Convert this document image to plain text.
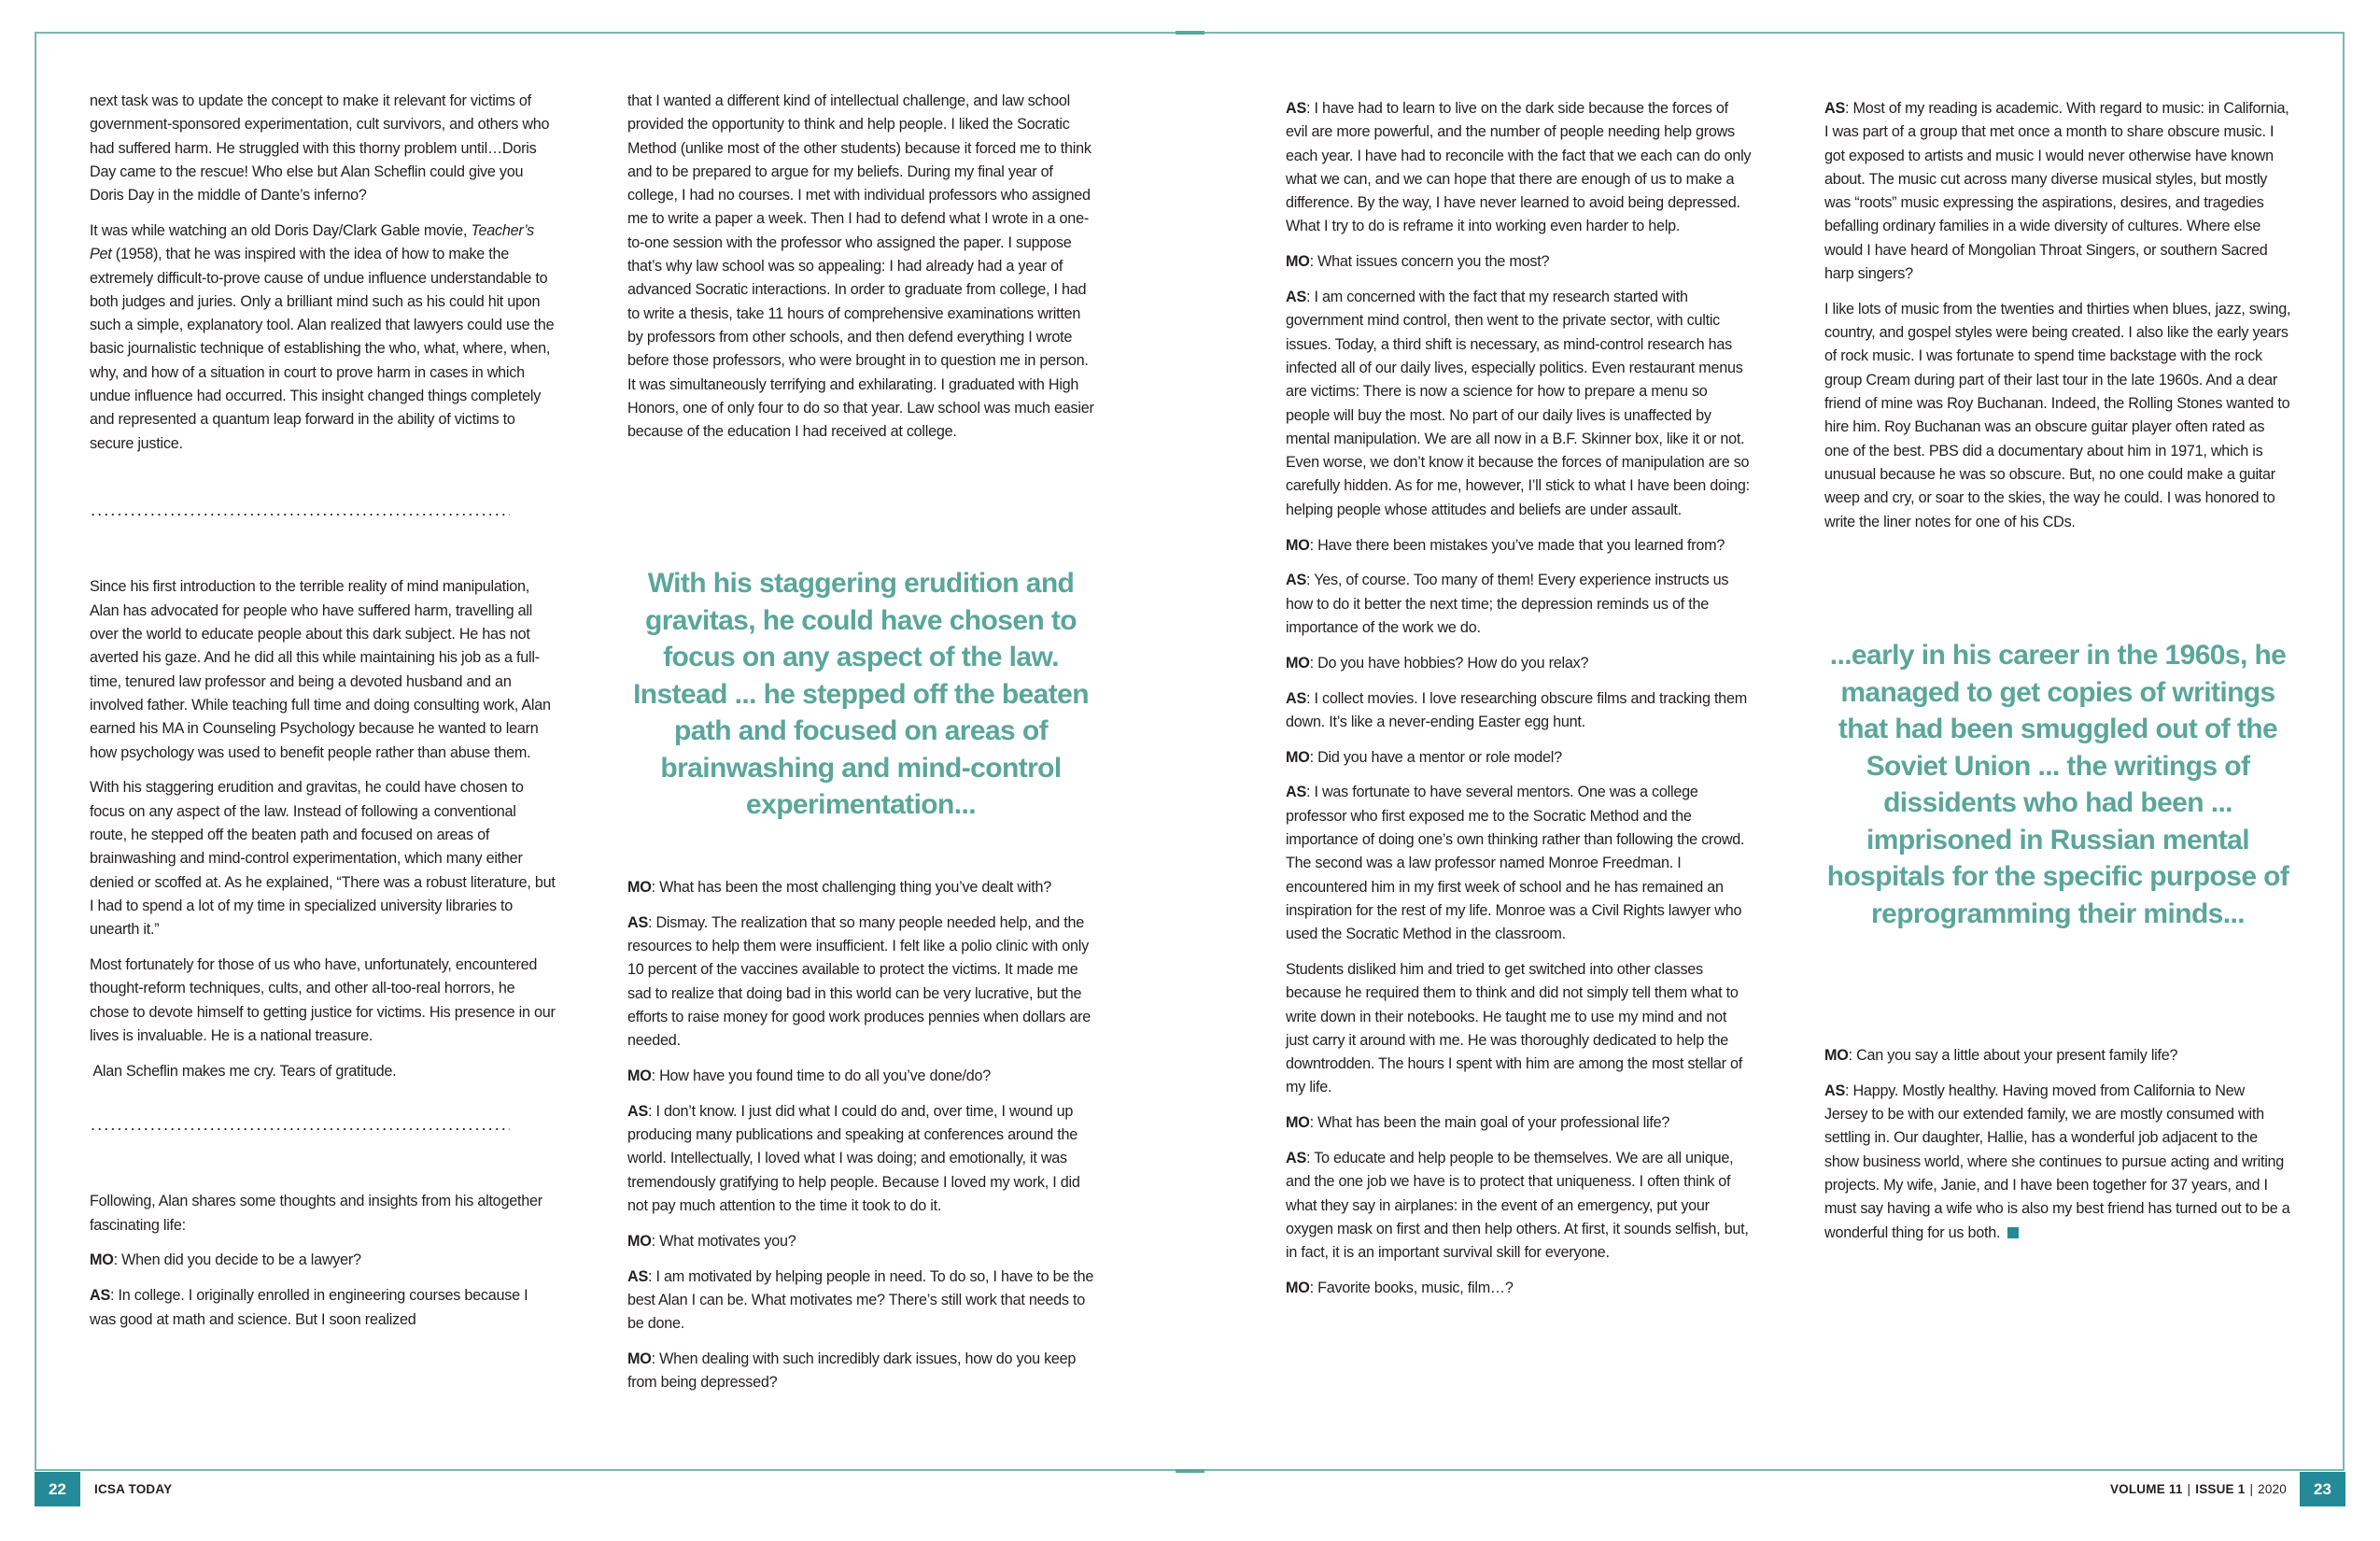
next task was to update the concept to make it relevant for victims of government-sponsored experimentation, cult survivors, and others who had suffered harm. He struggled with this thorny problem until…Doris Day came to the rescue! Who else but Alan Scheflin could give you Doris Day in the middle of Dante’s inferno?

It was while watching an old Doris Day/Clark Gable movie, Teacher’s Pet (1958), that he was inspired with the idea of how to make the extremely difficult-to-prove cause of undue influence understandable to both judges and juries. Only a brilliant mind such as his could hit upon such a simple, explanatory tool. Alan realized that lawyers could use the basic journalistic technique of establishing the who, what, where, when, why, and how of a situation in court to prove harm in cases in which undue influence had occurred. This insight changed things completely and represented a quantum leap forward in the ability of victims to secure justice.

Since his first introduction to the terrible reality of mind manipulation, Alan has advocated for people who have suffered harm, travelling all over the world to educate people about this dark subject. He has not averted his gaze. And he did all this while maintaining his job as a full-time, tenured law professor and being a devoted husband and an involved father. While teaching full time and doing consulting work, Alan earned his MA in Counseling Psychology because he wanted to learn how psychology was used to benefit people rather than abuse them.

With his staggering erudition and gravitas, he could have chosen to focus on any aspect of the law. Instead of following a conventional route, he stepped off the beaten path and focused on areas of brainwashing and mind-control experimentation, which many either denied or scoffed at. As he explained, “There was a robust literature, but I had to spend a lot of my time in specialized university libraries to unearth it.”

Most fortunately for those of us who have, unfortunately, encountered thought-reform techniques, cults, and other all-too-real horrors, he chose to devote himself to getting justice for victims. His presence in our lives is invaluable. He is a national treasure.

Alan Scheflin makes me cry. Tears of gratitude.

Following, Alan shares some thoughts and insights from his altogether fascinating life:

MO: When did you decide to be a lawyer?

AS: In college. I originally enrolled in engineering courses because I was good at math and science. But I soon realized

that I wanted a different kind of intellectual challenge, and law school provided the opportunity to think and help people. I liked the Socratic Method (unlike most of the other students) because it forced me to think and to be prepared to argue for my beliefs. During my final year of college, I had no courses. I met with individual professors who assigned me to write a paper a week. Then I had to defend what I wrote in a one-to-one session with the professor who assigned the paper. I suppose that’s why law school was so appealing: I had already had a year of advanced Socratic interactions. In order to graduate from college, I had to write a thesis, take 11 hours of comprehensive examinations written by professors from other schools, and then defend everything I wrote before those professors, who were brought in to question me in person. It was simultaneously terrifying and exhilarating. I graduated with High Honors, one of only four to do so that year. Law school was much easier because of the education I had received at college.

With his staggering erudition and gravitas, he could have chosen to focus on any aspect of the law. Instead ... he stepped off the beaten path and focused on areas of brainwashing and mind-control experimentation...

MO: What has been the most challenging thing you’ve dealt with?

AS: Dismay. The realization that so many people needed help, and the resources to help them were insufficient. I felt like a polio clinic with only 10 percent of the vaccines available to protect the victims. It made me sad to realize that doing bad in this world can be very lucrative, but the efforts to raise money for good work produces pennies when dollars are needed.

MO: How have you found time to do all you’ve done/do?

AS: I don’t know. I just did what I could do and, over time, I wound up producing many publications and speaking at conferences around the world. Intellectually, I loved what I was doing; and emotionally, it was tremendously gratifying to help people. Because I loved my work, I did not pay much attention to the time it took to do it.

MO: What motivates you?

AS: I am motivated by helping people in need. To do so, I have to be the best Alan I can be. What motivates me? There’s still work that needs to be done.

MO: When dealing with such incredibly dark issues, how do you keep from being depressed?

AS: I have had to learn to live on the dark side because the forces of evil are more powerful, and the number of people needing help grows each year. I have had to reconcile with the fact that we each can do only what we can, and we can hope that there are enough of us to make a difference. By the way, I have never learned to avoid being depressed. What I try to do is reframe it into working even harder to help.

MO: What issues concern you the most?

AS: I am concerned with the fact that my research started with government mind control, then went to the private sector, with cultic issues. Today, a third shift is necessary, as mind-control research has infected all of our daily lives, especially politics. Even restaurant menus are victims: There is now a science for how to prepare a menu so people will buy the most. No part of our daily lives is unaffected by mental manipulation. We are all now in a B.F. Skinner box, like it or not. Even worse, we don’t know it because the forces of manipulation are so carefully hidden. As for me, however, I’ll stick to what I have been doing: helping people whose attitudes and beliefs are under assault.

MO: Have there been mistakes you’ve made that you learned from?

AS: Yes, of course. Too many of them! Every experience instructs us how to do it better the next time; the depression reminds us of the importance of the work we do.

MO: Do you have hobbies? How do you relax?

AS: I collect movies. I love researching obscure films and tracking them down. It’s like a never-ending Easter egg hunt.

MO: Did you have a mentor or role model?

AS: I was fortunate to have several mentors. One was a college professor who first exposed me to the Socratic Method and the importance of doing one’s own thinking rather than following the crowd. The second was a law professor named Monroe Freedman. I encountered him in my first week of school and he has remained an inspiration for the rest of my life. Monroe was a Civil Rights lawyer who used the Socratic Method in the classroom.

Students disliked him and tried to get switched into other classes because he required them to think and did not simply tell them what to write down in their notebooks. He taught me to use my mind and not just carry it around with me. He was thoroughly dedicated to help the downtrodden. The hours I spent with him are among the most stellar of my life.

MO: What has been the main goal of your professional life?

AS: To educate and help people to be themselves. We are all unique, and the one job we have is to protect that uniqueness. I often think of what they say in airplanes: in the event of an emergency, put your oxygen mask on first and then help others. At first, it sounds selfish, but, in fact, it is an important survival skill for everyone.

MO: Favorite books, music, film…?

AS: Most of my reading is academic. With regard to music: in California, I was part of a group that met once a month to share obscure music. I got exposed to artists and music I would never otherwise have known about. The music cut across many diverse musical styles, but mostly was “roots” music expressing the aspirations, desires, and tragedies befalling ordinary families in a wide diversity of cultures. Where else would I have heard of Mongolian Throat Singers, or southern Sacred harp singers?

I like lots of music from the twenties and thirties when blues, jazz, swing, country, and gospel styles were being created. I also like the early years of rock music. I was fortunate to spend time backstage with the rock group Cream during part of their last tour in the late 1960s. And a dear friend of mine was Roy Buchanan. Indeed, the Rolling Stones wanted to hire him. Roy Buchanan was an obscure guitar player often rated as one of the best. PBS did a documentary about him in 1971, which is unusual because he was so obscure. But, no one could make a guitar weep and cry, or soar to the skies, the way he could. I was honored to write the liner notes for one of his CDs.

...early in his career in the 1960s, he managed to get copies of writings that had been smuggled out of the Soviet Union ... the writings of dissidents who had been ... imprisoned in Russian mental hospitals for the specific purpose of reprogramming their minds...

MO: Can you say a little about your present family life?

AS: Happy. Mostly healthy. Having moved from California to New Jersey to be with our extended family, we are mostly consumed with settling in. Our daughter, Hallie, has a wonderful job adjacent to the show business world, where she continues to pursue acting and writing projects. My wife, Janie, and I have been together for 37 years, and I must say having a wife who is also my best friend has turned out to be a wonderful thing for us both.

22	ICSA TODAY	VOLUME 11 | ISSUE 1 | 2020	23
